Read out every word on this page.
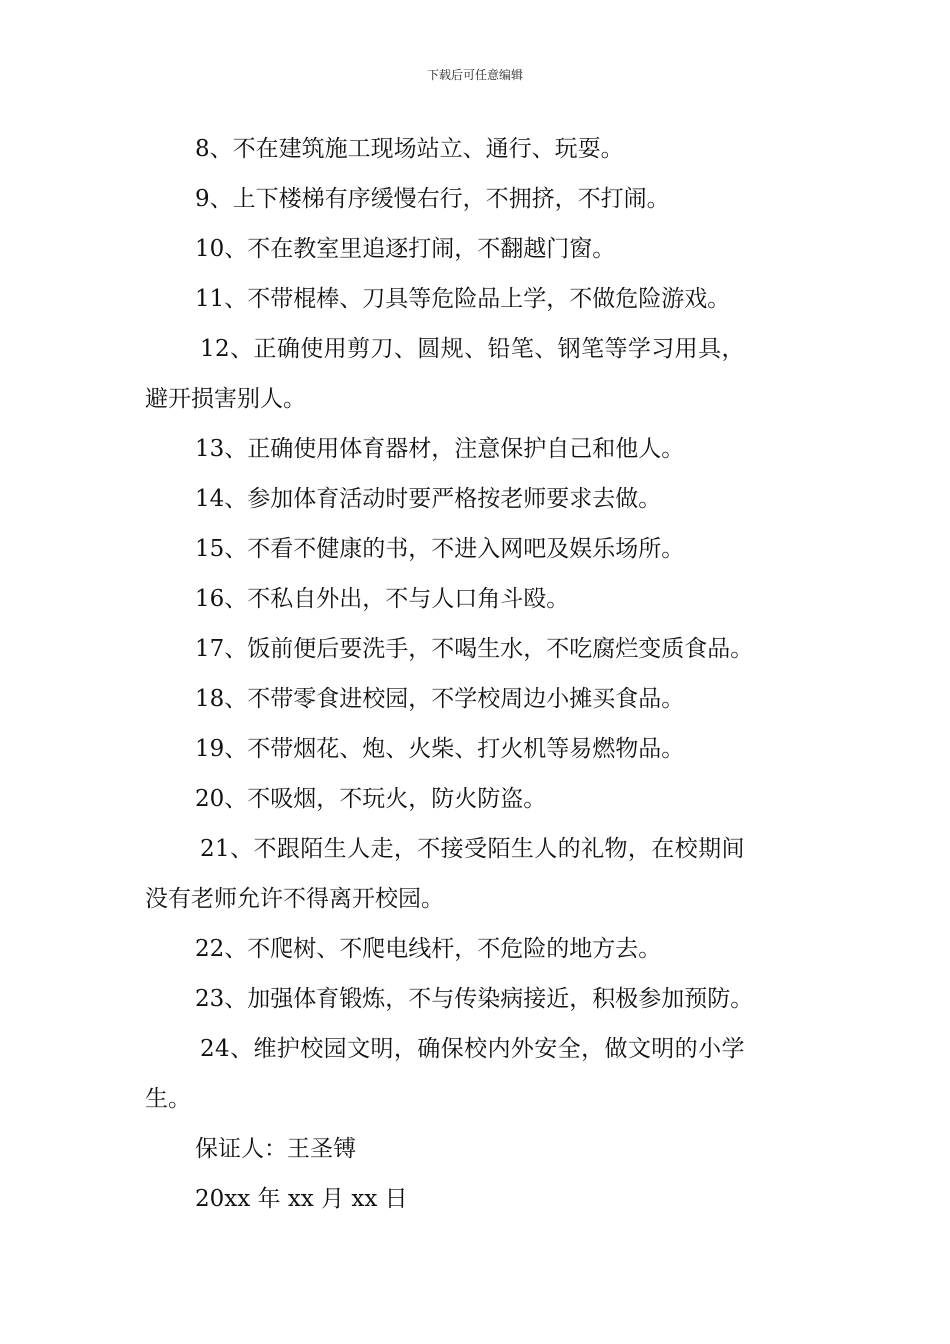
下载后可任意编辑
8、不在建筑施工现场站立、通行、玩耍。
9、上下楼梯有序缓慢右行，不拥挤，不打闹。
10、不在教室里追逐打闹，不翻越门窗。
11、不带棍棒、刀具等危险品上学，不做危险游戏。
12、正确使用剪刀、圆规、铅笔、钢笔等学习用具，
避开损害别人。
13、正确使用体育器材，注意保护自己和他人。
14、参加体育活动时要严格按老师要求去做。
15、不看不健康的书，不进入网吧及娱乐场所。
16、不私自外出，不与人口角斗殴。
17、饭前便后要洗手，不喝生水，不吃腐烂变质食品。
18、不带零食进校园，不学校周边小摊买食品。
19、不带烟花、炮、火柴、打火机等易燃物品。
20、不吸烟，不玩火，防火防盗。
21、不跟陌生人走，不接受陌生人的礼物，在校期间
没有老师允许不得离开校园。
22、不爬树、不爬电线杆，不危险的地方去。
23、加强体育锻炼，不与传染病接近，积极参加预防。
24、维护校园文明，确保校内外安全，做文明的小学
生。
保证人：王圣镈
20xx 年 xx 月 xx 日
